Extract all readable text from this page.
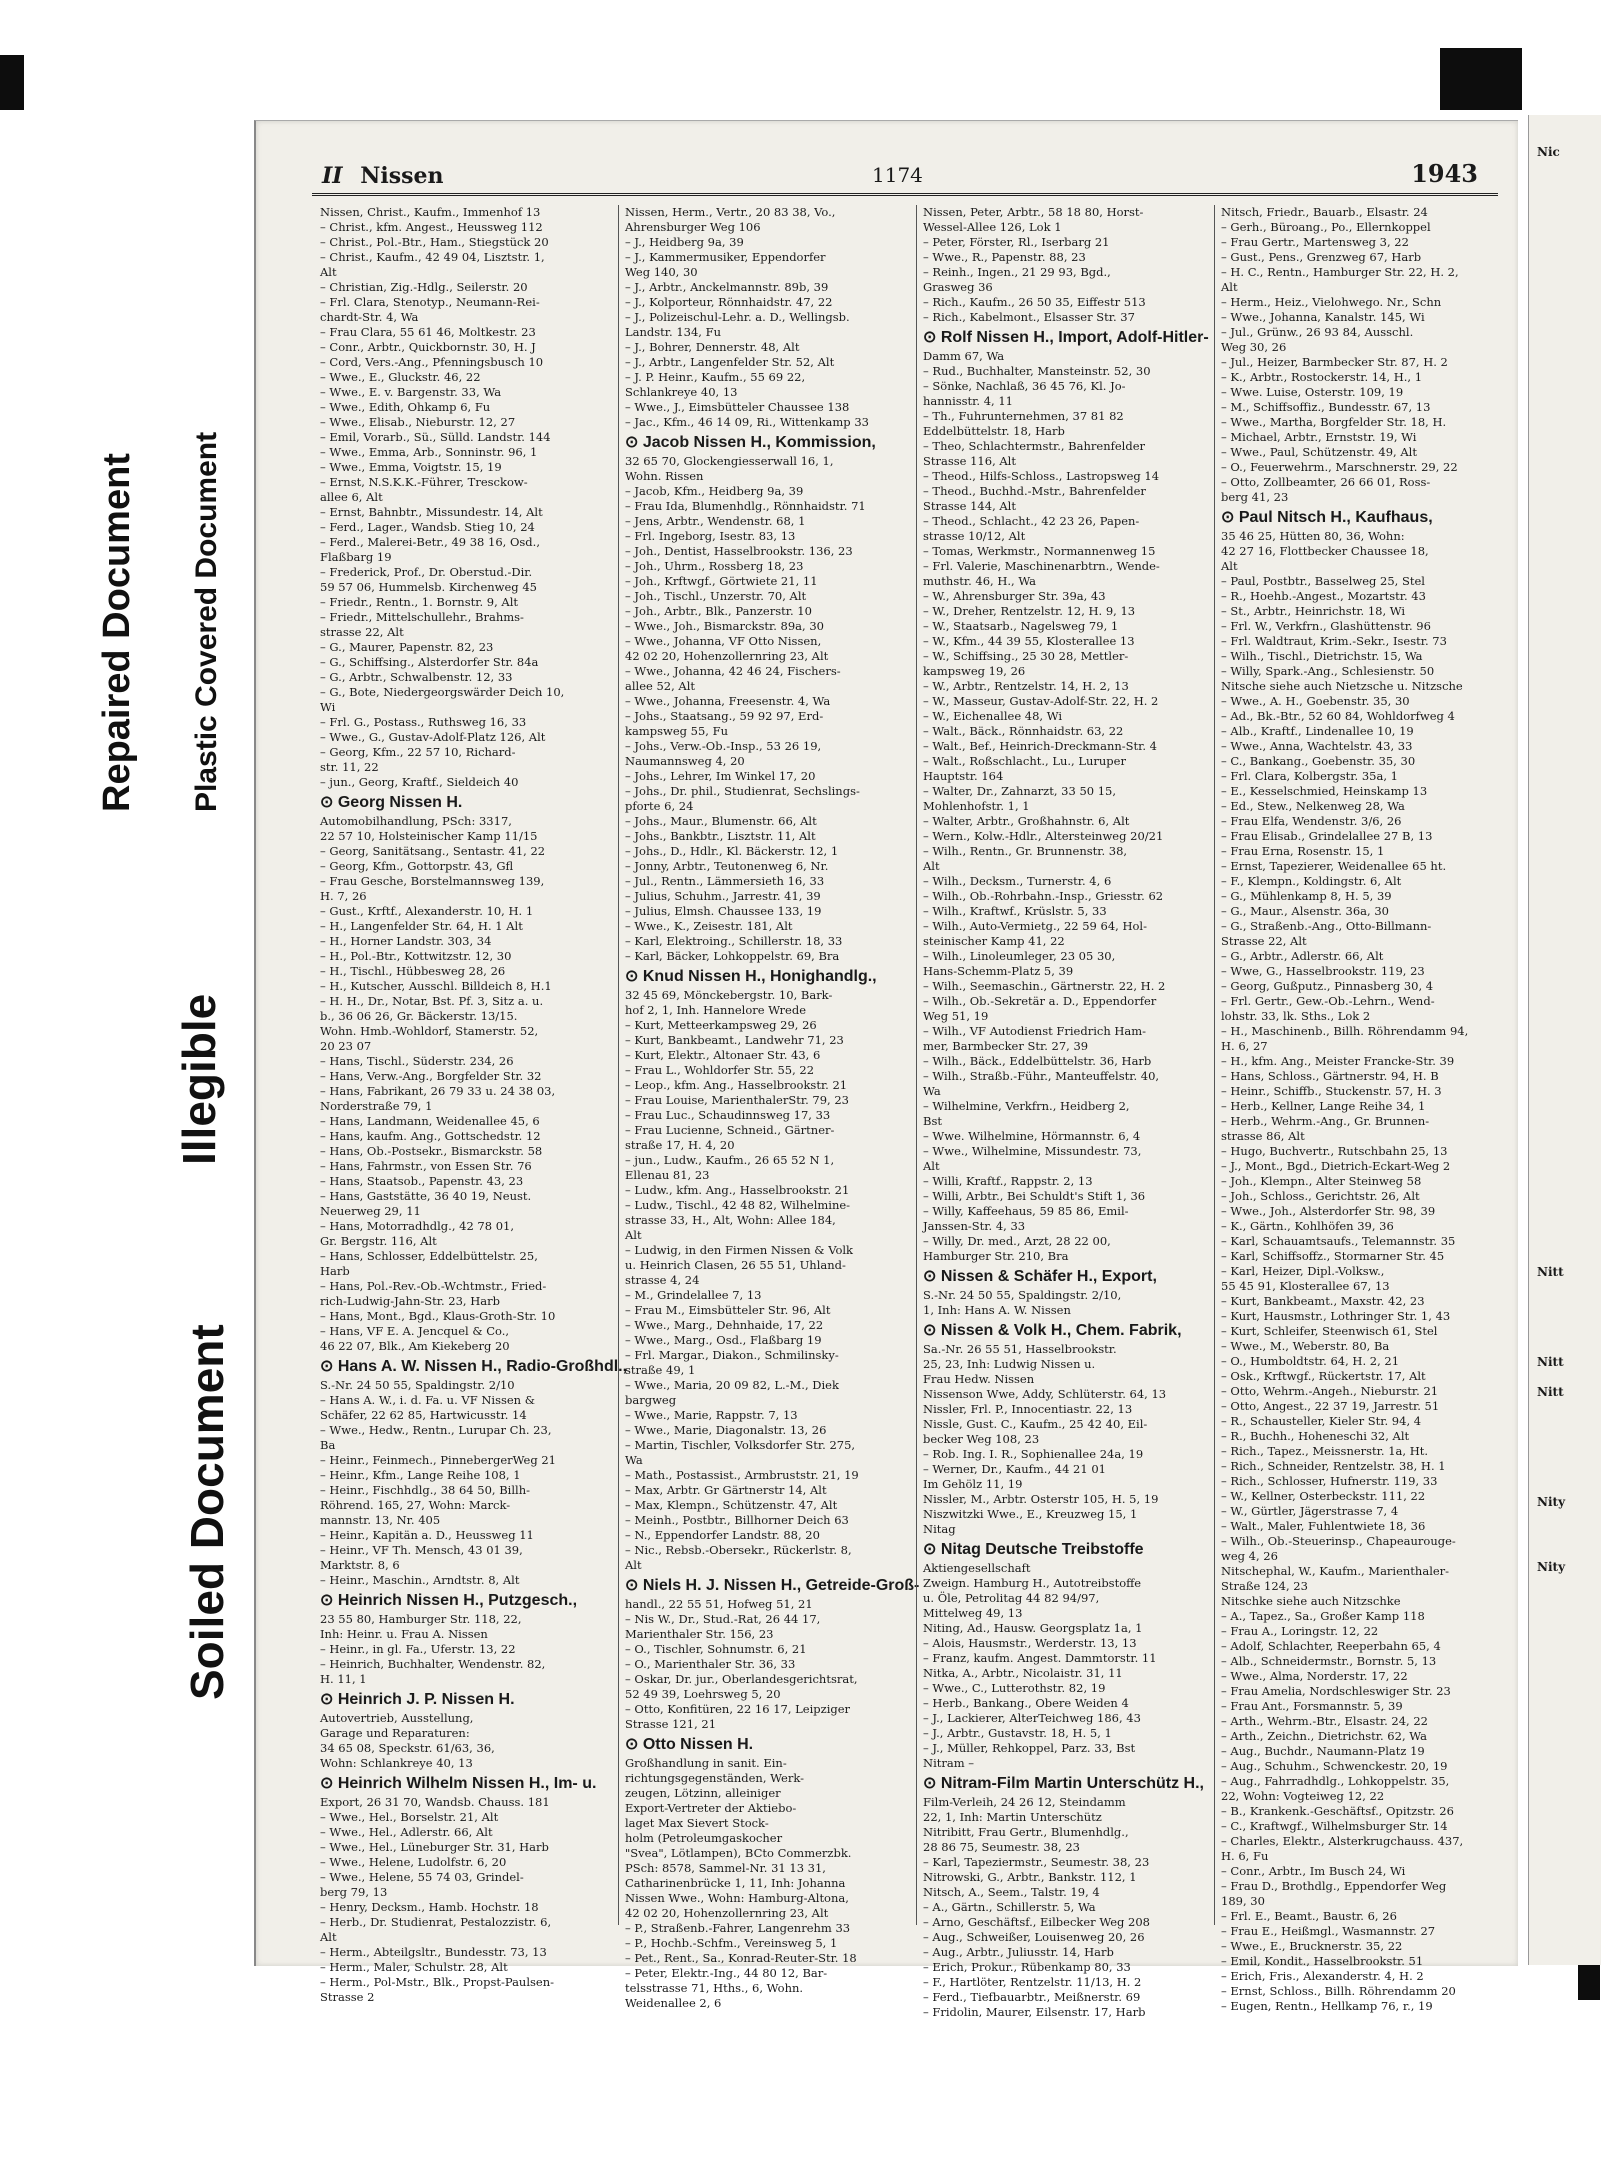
Repaired Document Plastic Covered Document
Illegible
Soiled Document
Nic
Nitt
Nitt
Nitt
Nity
Nity
II Nissen	1174	1943
Nissen, Christ., Kaufm., Immenhof 13
– Christ., kfm. Angest., Heussweg 112
– Christ., Pol.-Btr., Ham., Stiegstück 20
– Christ., Kaufm., 42 49 04, Lisztstr. 1,
Alt
– Christian, Zig.-Hdlg., Seilerstr. 20
– Frl. Clara, Stenotyp., Neumann-Rei-
chardt-Str. 4, Wa
– Frau Clara, 55 61 46, Moltkestr. 23
– Conr., Arbtr., Quickbornstr. 30, H. J
– Cord, Vers.-Ang., Pfenningsbusch 10
– Wwe., E., Gluckstr. 46, 22
– Wwe., E. v. Bargenstr. 33, Wa
– Wwe., Edith, Ohkamp 6, Fu
– Wwe., Elisab., Nieburstr. 12, 27
– Emil, Vorarb., Sü., Sülld. Landstr. 144
– Wwe., Emma, Arb., Sonninstr. 96, 1
– Wwe., Emma, Voigtstr. 15, 19
– Ernst, N.S.K.K.-Führer, Tresckow-
allee 6, Alt
– Ernst, Bahnbtr., Missundestr. 14, Alt
– Ferd., Lager., Wandsb. Stieg 10, 24
– Ferd., Malerei-Betr., 49 38 16, Osd.,
Flaßbarg 19
– Frederick, Prof., Dr. Oberstud.-Dir.
59 57 06, Hummelsb. Kirchenweg 45
– Friedr., Rentn., 1. Bornstr. 9, Alt
– Friedr., Mittelschullehr., Brahms-
strasse 22, Alt
– G., Maurer, Papenstr. 82, 23
– G., Schiffsing., Alsterdorfer Str. 84a
– G., Arbtr., Schwalbenstr. 12, 33
– G., Bote, Niedergeorgswärder Deich 10,
Wi
– Frl. G., Postass., Ruthsweg 16, 33
– Wwe., G., Gustav-Adolf-Platz 126, Alt
– Georg, Kfm., 22 57 10, Richard-
str. 11, 22
– jun., Georg, Kraftf., Sieldeich 40
⊙ Georg Nissen H.
Automobilhandlung, PSch: 3317,
22 57 10, Holsteinischer Kamp 11/15
– Georg, Sanitätsang., Sentastr. 41, 22
– Georg, Kfm., Gottorpstr. 43, Gfl
– Frau Gesche, Borstelmannsweg 139,
H. 7, 26
– Gust., Krftf., Alexanderstr. 10, H. 1
– H., Langenfelder Str. 64, H. 1 Alt
– H., Horner Landstr. 303, 34
– H., Pol.-Btr., Kottwitzstr. 12, 30
– H., Tischl., Hübbesweg 28, 26
– H., Kutscher, Ausschl. Billdeich 8, H.1
– H. H., Dr., Notar, Bst. Pf. 3, Sitz a. u.
b., 36 06 26, Gr. Bäckerstr. 13/15.
Wohn. Hmb.-Wohldorf, Stamerstr. 52,
20 23 07
– Hans, Tischl., Süderstr. 234, 26
– Hans, Verw.-Ang., Borgfelder Str. 32
– Hans, Fabrikant, 26 79 33 u. 24 38 03,
Norderstraße 79, 1
– Hans, Landmann, Weidenallee 45, 6
– Hans, kaufm. Ang., Gottschedstr. 12
– Hans, Ob.-Postsekr., Bismarckstr. 58
– Hans, Fahrmstr., von Essen Str. 76
– Hans, Staatsob., Papenstr. 43, 23
– Hans, Gaststätte, 36 40 19, Neust.
Neuerweg 29, 11
– Hans, Motorradhdlg., 42 78 01,
Gr. Bergstr. 116, Alt
– Hans, Schlosser, Eddelbüttelstr. 25,
Harb
– Hans, Pol.-Rev.-Ob.-Wchtmstr., Fried-
rich-Ludwig-Jahn-Str. 23, Harb
– Hans, Mont., Bgd., Klaus-Groth-Str. 10
– Hans, VF E. A. Jencquel & Co.,
46 22 07, Blk., Am Kiekeberg 20
⊙ Hans A. W. Nissen H., Radio-Großhdl.,
S.-Nr. 24 50 55, Spaldingstr. 2/10
– Hans A. W., i. d. Fa. u. VF Nissen &
Schäfer, 22 62 85, Hartwicusstr. 14
– Wwe., Hedw., Rentn., Lurupar Ch. 23,
Ba
– Heinr., Feinmech., PinnebergerWeg 21
– Heinr., Kfm., Lange Reihe 108, 1
– Heinr., Fischhdlg., 38 64 50, Billh-
Röhrend. 165, 27, Wohn: Marck-
mannstr. 13, Nr. 405
– Heinr., Kapitän a. D., Heussweg 11
– Heinr., VF Th. Mensch, 43 01 39,
Marktstr. 8, 6
– Heinr., Maschin., Arndtstr. 8, Alt
⊙ Heinrich Nissen H., Putzgesch.,
23 55 80, Hamburger Str. 118, 22,
Inh: Heinr. u. Frau A. Nissen
– Heinr., in gl. Fa., Uferstr. 13, 22
– Heinrich, Buchhalter, Wendenstr. 82,
H. 11, 1
⊙ Heinrich J. P. Nissen H.
Autovertrieb, Ausstellung,
Garage und Reparaturen:
34 65 08, Speckstr. 61/63, 36,
Wohn: Schlankreye 40, 13
⊙ Heinrich Wilhelm Nissen H., Im- u.
Export, 26 31 70, Wandsb. Chauss. 181
– Wwe., Hel., Borselstr. 21, Alt
– Wwe., Hel., Adlerstr. 66, Alt
– Wwe., Hel., Lüneburger Str. 31, Harb
– Wwe., Helene, Ludolfstr. 6, 20
– Wwe., Helene, 55 74 03, Grindel-
berg 79, 13
– Henry, Decksm., Hamb. Hochstr. 18
– Herb., Dr. Studienrat, Pestalozzistr. 6,
Alt
– Herm., Abteilgsltr., Bundesstr. 73, 13
– Herm., Maler, Schulstr. 28, Alt
– Herm., Pol-Mstr., Blk., Propst-Paulsen-
Strasse 2
Nissen, Herm., Vertr., 20 83 38, Vo.,
Ahrensburger Weg 106
– J., Heidberg 9a, 39
– J., Kammermusiker, Eppendorfer
Weg 140, 30
– J., Arbtr., Anckelmannstr. 89b, 39
– J., Kolporteur, Rönnhaidstr. 47, 22
– J., Polizeischul-Lehr. a. D., Wellingsb.
Landstr. 134, Fu
– J., Bohrer, Dennerstr. 48, Alt
– J., Arbtr., Langenfelder Str. 52, Alt
– J. P. Heinr., Kaufm., 55 69 22,
Schlankreye 40, 13
– Wwe., J., Eimsbütteler Chaussee 138
– Jac., Kfm., 46 14 09, Ri., Wittenkamp 33
⊙ Jacob Nissen H., Kommission,
32 65 70, Glockengiesserwall 16, 1,
Wohn. Rissen
– Jacob, Kfm., Heidberg 9a, 39
– Frau Ida, Blumenhdlg., Rönnhaidstr. 71
– Jens, Arbtr., Wendenstr. 68, 1
– Frl. Ingeborg, Isestr. 83, 13
– Joh., Dentist, Hasselbrookstr. 136, 23
– Joh., Uhrm., Rossberg 18, 23
– Joh., Krftwgf., Görtwiete 21, 11
– Joh., Tischl., Unzerstr. 70, Alt
– Joh., Arbtr., Blk., Panzerstr. 10
– Wwe., Joh., Bismarckstr. 89a, 30
– Wwe., Johanna, VF Otto Nissen,
42 02 20, Hohenzollernring 23, Alt
– Wwe., Johanna, 42 46 24, Fischers-
allee 52, Alt
– Wwe., Johanna, Freesenstr. 4, Wa
– Johs., Staatsang., 59 92 97, Erd-
kampsweg 55, Fu
– Johs., Verw.-Ob.-Insp., 53 26 19,
Naumannsweg 4, 20
– Johs., Lehrer, Im Winkel 17, 20
– Johs., Dr. phil., Studienrat, Sechslings-
pforte 6, 24
– Johs., Maur., Blumenstr. 66, Alt
– Johs., Bankbtr., Lisztstr. 11, Alt
– Johs., D., Hdlr., Kl. Bäckerstr. 12, 1
– Jonny, Arbtr., Teutonenweg 6, Nr.
– Jul., Rentn., Lämmersieth 16, 33
– Julius, Schuhm., Jarrestr. 41, 39
– Julius, Elmsh. Chaussee 133, 19
– Wwe., K., Zeisestr. 181, Alt
– Karl, Elektroing., Schillerstr. 18, 33
– Karl, Bäcker, Lohkoppelstr. 69, Bra
⊙ Knud Nissen H., Honighandlg.,
32 45 69, Mönckebergstr. 10, Bark-
hof 2, 1, Inh. Hannelore Wrede
– Kurt, Metteerkampsweg 29, 26
– Kurt, Bankbeamt., Landwehr 71, 23
– Kurt, Elektr., Altonaer Str. 43, 6
– Frau L., Wohldorfer Str. 55, 22
– Leop., kfm. Ang., Hasselbrookstr. 21
– Frau Louise, MarienthalerStr. 79, 23
– Frau Luc., Schaudinnsweg 17, 33
– Frau Lucienne, Schneid., Gärtner-
straße 17, H. 4, 20
– jun., Ludw., Kaufm., 26 65 52 N 1,
Ellenau 81, 23
– Ludw., kfm. Ang., Hasselbrookstr. 21
– Ludw., Tischl., 42 48 82, Wilhelmine-
strasse 33, H., Alt, Wohn: Allee 184,
Alt
– Ludwig, in den Firmen Nissen & Volk
u. Heinrich Clasen, 26 55 51, Uhland-
strasse 4, 24
– M., Grindelallee 7, 13
– Frau M., Eimsbütteler Str. 96, Alt
– Wwe., Marg., Dehnhaide, 17, 22
– Wwe., Marg., Osd., Flaßbarg 19
– Frl. Margar., Diakon., Schmilinsky-
straße 49, 1
– Wwe., Maria, 20 09 82, L.-M., Diek
bargweg
– Wwe., Marie, Rappstr. 7, 13
– Wwe., Marie, Diagonalstr. 13, 26
– Martin, Tischler, Volksdorfer Str. 275,
Wa
– Math., Postassist., Armbruststr. 21, 19
– Max, Arbtr. Gr Gärtnerstr 14, Alt
– Max, Klempn., Schützenstr. 47, Alt
– Meinh., Postbtr., Billhorner Deich 63
– N., Eppendorfer Landstr. 88, 20
– Nic., Rebsb.-Obersekr., Rückerlstr. 8,
Alt
⊙ Niels H. J. Nissen H., Getreide-Groß-
handl., 22 55 51, Hofweg 51, 21
– Nis W., Dr., Stud.-Rat, 26 44 17,
Marienthaler Str. 156, 23
– O., Tischler, Sohnumstr. 6, 21
– O., Marienthaler Str. 36, 33
– Oskar, Dr. jur., Oberlandesgerichtsrat,
52 49 39, Loehrsweg 5, 20
– Otto, Konfitüren, 22 16 17, Leipziger
Strasse 121, 21
⊙ Otto Nissen H.
Großhandlung in sanit. Ein-
richtungsgegenständen, Werk-
zeugen, Lötzinn, alleiniger
Export-Vertreter der Aktiebo-
laget Max Sievert Stock-
holm (Petroleumgaskocher
"Svea", Lötlampen), BCto Commerzbk.
PSch: 8578, Sammel-Nr. 31 13 31,
Catharinenbrücke 1, 11, Inh: Johanna
Nissen Wwe., Wohn: Hamburg-Altona,
42 02 20, Hohenzollernring 23, Alt
– P., Straßenb.-Fahrer, Langenrehm 33
– P., Hochb.-Schfm., Vereinsweg 5, 1
– Pet., Rent., Sa., Konrad-Reuter-Str. 18
– Peter, Elektr.-Ing., 44 80 12, Bar-
telsstrasse 71, Hths., 6, Wohn.
Weidenallee 2, 6
Nissen, Peter, Arbtr., 58 18 80, Horst-
Wessel-Allee 126, Lok 1
– Peter, Förster, Rl., Iserbarg 21
– Wwe., R., Papenstr. 88, 23
– Reinh., Ingen., 21 29 93, Bgd.,
Grasweg 36
– Rich., Kaufm., 26 50 35, Eiffestr 513
– Rich., Kabelmont., Elsasser Str. 37
⊙ Rolf Nissen H., Import, Adolf-Hitler-
Damm 67, Wa
– Rud., Buchhalter, Mansteinstr. 52, 30
– Sönke, Nachlaß, 36 45 76, Kl. Jo-
hannisstr. 4, 11
– Th., Fuhrunternehmen, 37 81 82
Eddelbüttelstr. 18, Harb
– Theo, Schlachtermstr., Bahrenfelder
Strasse 116, Alt
– Theod., Hilfs-Schloss., Lastropsweg 14
– Theod., Buchhd.-Mstr., Bahrenfelder
Strasse 144, Alt
– Theod., Schlacht., 42 23 26, Papen-
strasse 10/12, Alt
– Tomas, Werkmstr., Normannenweg 15
– Frl. Valerie, Maschinenarbtrn., Wende-
muthstr. 46, H., Wa
– W., Ahrensburger Str. 39a, 43
– W., Dreher, Rentzelstr. 12, H. 9, 13
– W., Staatsarb., Nagelsweg 79, 1
– W., Kfm., 44 39 55, Klosterallee 13
– W., Schiffsing., 25 30 28, Mettler-
kampsweg 19, 26
– W., Arbtr., Rentzelstr. 14, H. 2, 13
– W., Masseur, Gustav-Adolf-Str. 22, H. 2
– W., Eichenallee 48, Wi
– Walt., Bäck., Rönnhaidstr. 63, 22
– Walt., Bef., Heinrich-Dreckmann-Str. 4
– Walt., Roßschlacht., Lu., Luruper
Hauptstr. 164
– Walter, Dr., Zahnarzt, 33 50 15,
Mohlenhofstr. 1, 1
– Walter, Arbtr., Großhahnstr. 6, Alt
– Wern., Kolw.-Hdlr., Altersteinweg 20/21
– Wilh., Rentn., Gr. Brunnenstr. 38,
Alt
– Wilh., Decksm., Turnerstr. 4, 6
– Wilh., Ob.-Rohrbahn.-Insp., Griesstr. 62
– Wilh., Kraftwf., Krüslstr. 5, 33
– Wilh., Auto-Vermietg., 22 59 64, Hol-
steinischer Kamp 41, 22
– Wilh., Linoleumleger, 23 05 30,
Hans-Schemm-Platz 5, 39
– Wilh., Seemaschin., Gärtnerstr. 22, H. 2
– Wilh., Ob.-Sekretär a. D., Eppendorfer
Weg 51, 19
– Wilh., VF Autodienst Friedrich Ham-
mer, Barmbecker Str. 27, 39
– Wilh., Bäck., Eddelbüttelstr. 36, Harb
– Wilh., Straßb.-Führ., Manteuffelstr. 40,
Wa
– Wilhelmine, Verkfrn., Heidberg 2,
Bst
– Wwe. Wilhelmine, Hörmannstr. 6, 4
– Wwe., Wilhelmine, Missundestr. 73,
Alt
– Willi, Kraftf., Rappstr. 2, 13
– Willi, Arbtr., Bei Schuldt's Stift 1, 36
– Willy, Kaffeehaus, 59 85 86, Emil-
Janssen-Str. 4, 33
– Willy, Dr. med., Arzt, 28 22 00,
Hamburger Str. 210, Bra
⊙ Nissen & Schäfer H., Export,
S.-Nr. 24 50 55, Spaldingstr. 2/10,
1, Inh: Hans A. W. Nissen
⊙ Nissen & Volk H., Chem. Fabrik,
Sa.-Nr. 26 55 51, Hasselbrookstr.
25, 23, Inh: Ludwig Nissen u.
Frau Hedw. Nissen
Nissenson Wwe, Addy, Schlüterstr. 64, 13
Nissler, Frl. P., Innocentiastr. 22, 13
Nissle, Gust. C., Kaufm., 25 42 40, Eil-
becker Weg 108, 23
– Rob. Ing. I. R., Sophienallee 24a, 19
– Werner, Dr., Kaufm., 44 21 01
Im Gehölz 11, 19
Nissler, M., Arbtr. Osterstr 105, H. 5, 19
Niszwitzki Wwe., E., Kreuzweg 15, 1
Nitag
⊙ Nitag Deutsche Treibstoffe
Aktiengesellschaft
Zweign. Hamburg H., Autotreibstoffe
u. Öle, Petrolitag 44 82 94/97,
Mittelweg 49, 13
Niting, Ad., Hausw. Georgsplatz 1a, 1
– Alois, Hausmstr., Werderstr. 13, 13
– Franz, kaufm. Angest. Dammtorstr. 11
Nitka, A., Arbtr., Nicolaistr. 31, 11
– Wwe., C., Lutterothstr. 82, 19
– Herb., Bankang., Obere Weiden 4
– J., Lackierer, AlterTeichweg 186, 43
– J., Arbtr., Gustavstr. 18, H. 5, 1
– J., Müller, Rehkoppel, Parz. 33, Bst
Nitram –
⊙ Nitram-Film Martin Unterschütz H.,
Film-Verleih, 24 26 12, Steindamm
22, 1, Inh: Martin Unterschütz
Nitribitt, Frau Gertr., Blumenhdlg.,
28 86 75, Seumestr. 38, 23
– Karl, Tapeziermstr., Seumestr. 38, 23
Nitrowski, G., Arbtr., Bankstr. 112, 1
Nitsch, A., Seem., Talstr. 19, 4
– A., Gärtn., Schillerstr. 5, Wa
– Arno, Geschäftsf., Eilbecker Weg 208
– Aug., Schweißer, Louisenweg 20, 26
– Aug., Arbtr., Juliusstr. 14, Harb
– Erich, Prokur., Rübenkamp 80, 33
– F., Hartlöter, Rentzelstr. 11/13, H. 2
– Ferd., Tiefbauarbtr., Meißnerstr. 69
– Fridolin, Maurer, Eilsenstr. 17, Harb
Nitsch, Friedr., Bauarb., Elsastr. 24
– Gerh., Büroang., Po., Ellernkoppel
– Frau Gertr., Martensweg 3, 22
– Gust., Pens., Grenzweg 67, Harb
– H. C., Rentn., Hamburger Str. 22, H. 2,
Alt
– Herm., Heiz., Vielohwego. Nr., Schn
– Wwe., Johanna, Kanalstr. 145, Wi
– Jul., Grünw., 26 93 84, Ausschl.
Weg 30, 26
– Jul., Heizer, Barmbecker Str. 87, H. 2
– K., Arbtr., Rostockerstr. 14, H., 1
– Wwe. Luise, Osterstr. 109, 19
– M., Schiffsoffiz., Bundesstr. 67, 13
– Wwe., Martha, Borgfelder Str. 18, H.
– Michael, Arbtr., Ernststr. 19, Wi
– Wwe., Paul, Schützenstr. 49, Alt
– O., Feuerwehrm., Marschnerstr. 29, 22
– Otto, Zollbeamter, 26 66 01, Ross-
berg 41, 23
⊙ Paul Nitsch H., Kaufhaus,
35 46 25, Hütten 80, 36, Wohn:
42 27 16, Flottbecker Chaussee 18,
Alt
– Paul, Postbtr., Basselweg 25, Stel
– R., Hoehb.-Angest., Mozartstr. 43
– St., Arbtr., Heinrichstr. 18, Wi
– Frl. W., Verkfrn., Glashüttenstr. 96
– Frl. Waldtraut, Krim.-Sekr., Isestr. 73
– Wilh., Tischl., Dietrichstr. 15, Wa
– Willy, Spark.-Ang., Schlesienstr. 50
Nitsche siehe auch Nietzsche u. Nitzsche
– Wwe., A. H., Goebenstr. 35, 30
– Ad., Bk.-Btr., 52 60 84, Wohldorfweg 4
– Alb., Kraftf., Lindenallee 10, 19
– Wwe., Anna, Wachtelstr. 43, 33
– C., Bankang., Goebenstr. 35, 30
– Frl. Clara, Kolbergstr. 35a, 1
– E., Kesselschmied, Heinskamp 13
– Ed., Stew., Nelkenweg 28, Wa
– Frau Elfa, Wendenstr. 3/6, 26
– Frau Elisab., Grindelallee 27 B, 13
– Frau Erna, Rosenstr. 15, 1
– Ernst, Tapezierer, Weidenallee 65 ht.
– F., Klempn., Koldingstr. 6, Alt
– G., Mühlenkamp 8, H. 5, 39
– G., Maur., Alsenstr. 36a, 30
– G., Straßenb.-Ang., Otto-Billmann-
Strasse 22, Alt
– G., Arbtr., Adlerstr. 66, Alt
– Wwe, G., Hasselbrookstr. 119, 23
– Georg, Gußputz., Pinnasberg 30, 4
– Frl. Gertr., Gew.-Ob.-Lehrn., Wend-
lohstr. 33, lk. Sths., Lok 2
– H., Maschinenb., Billh. Röhrendamm 94,
H. 6, 27
– H., kfm. Ang., Meister Francke-Str. 39
– Hans, Schloss., Gärtnerstr. 94, H. B
– Heinr., Schiffb., Stuckenstr. 57, H. 3
– Herb., Kellner, Lange Reihe 34, 1
– Herb., Wehrm.-Ang., Gr. Brunnen-
strasse 86, Alt
– Hugo, Buchvertr., Rutschbahn 25, 13
– J., Mont., Bgd., Dietrich-Eckart-Weg 2
– Joh., Klempn., Alter Steinweg 58
– Joh., Schloss., Gerichtstr. 26, Alt
– Wwe., Joh., Alsterdorfer Str. 98, 39
– K., Gärtn., Kohlhöfen 39, 36
– Karl, Schauamtsaufs., Telemannstr. 35
– Karl, Schiffsoffz., Stormarner Str. 45
– Karl, Heizer, Dipl.-Volksw.,
55 45 91, Klosterallee 67, 13
– Kurt, Bankbeamt., Maxstr. 42, 23
– Kurt, Hausmstr., Lothringer Str. 1, 43
– Kurt, Schleifer, Steenwisch 61, Stel
– Wwe., M., Weberstr. 80, Ba
– O., Humboldtstr. 64, H. 2, 21
– Osk., Krftwgf., Rückertstr. 17, Alt
– Otto, Wehrm.-Angeh., Nieburstr. 21
– Otto, Angest., 22 37 19, Jarrestr. 51
– R., Schausteller, Kieler Str. 94, 4
– R., Buchh., Hoheneschi 32, Alt
– Rich., Tapez., Meissnerstr. 1a, Ht.
– Rich., Schneider, Rentzelstr. 38, H. 1
– Rich., Schlosser, Hufnerstr. 119, 33
– W., Kellner, Osterbeckstr. 111, 22
– W., Gürtler, Jägerstrasse 7, 4
– Walt., Maler, Fuhlentwiete 18, 36
– Wilh., Ob.-Steuerinsp., Chapeaurouge-
weg 4, 26
Nitschephal, W., Kaufm., Marienthaler-
Straße 124, 23
Nitschke siehe auch Nitzschke
– A., Tapez., Sa., Großer Kamp 118
– Frau A., Loringstr. 12, 22
– Adolf, Schlachter, Reeperbahn 65, 4
– Alb., Schneidermstr., Bornstr. 5, 13
– Wwe., Alma, Norderstr. 17, 22
– Frau Amelia, Nordschleswiger Str. 23
– Frau Ant., Forsmannstr. 5, 39
– Arth., Wehrm.-Btr., Elsastr. 24, 22
– Arth., Zeichn., Dietrichstr. 62, Wa
– Aug., Buchdr., Naumann-Platz 19
– Aug., Schuhm., Schwenckestr. 20, 19
– Aug., Fahrradhdlg., Lohkoppelstr. 35,
22, Wohn: Vogteiweg 12, 22
– B., Krankenk.-Geschäftsf., Opitzstr. 26
– C., Kraftwgf., Wilhelmsburger Str. 14
– Charles, Elektr., Alsterkrugchauss. 437,
H. 6, Fu
– Conr., Arbtr., Im Busch 24, Wi
– Frau D., Brothdlg., Eppendorfer Weg
189, 30
– Frl. E., Beamt., Baustr. 6, 26
– Frau E., Heißmgl., Wasmannstr. 27
– Wwe., E., Brucknerstr. 35, 22
– Emil, Kondit., Hasselbrookstr. 51
– Erich, Fris., Alexanderstr. 4, H. 2
– Ernst, Schloss., Billh. Röhrendamm 20
– Eugen, Rentn., Hellkamp 76, r., 19
